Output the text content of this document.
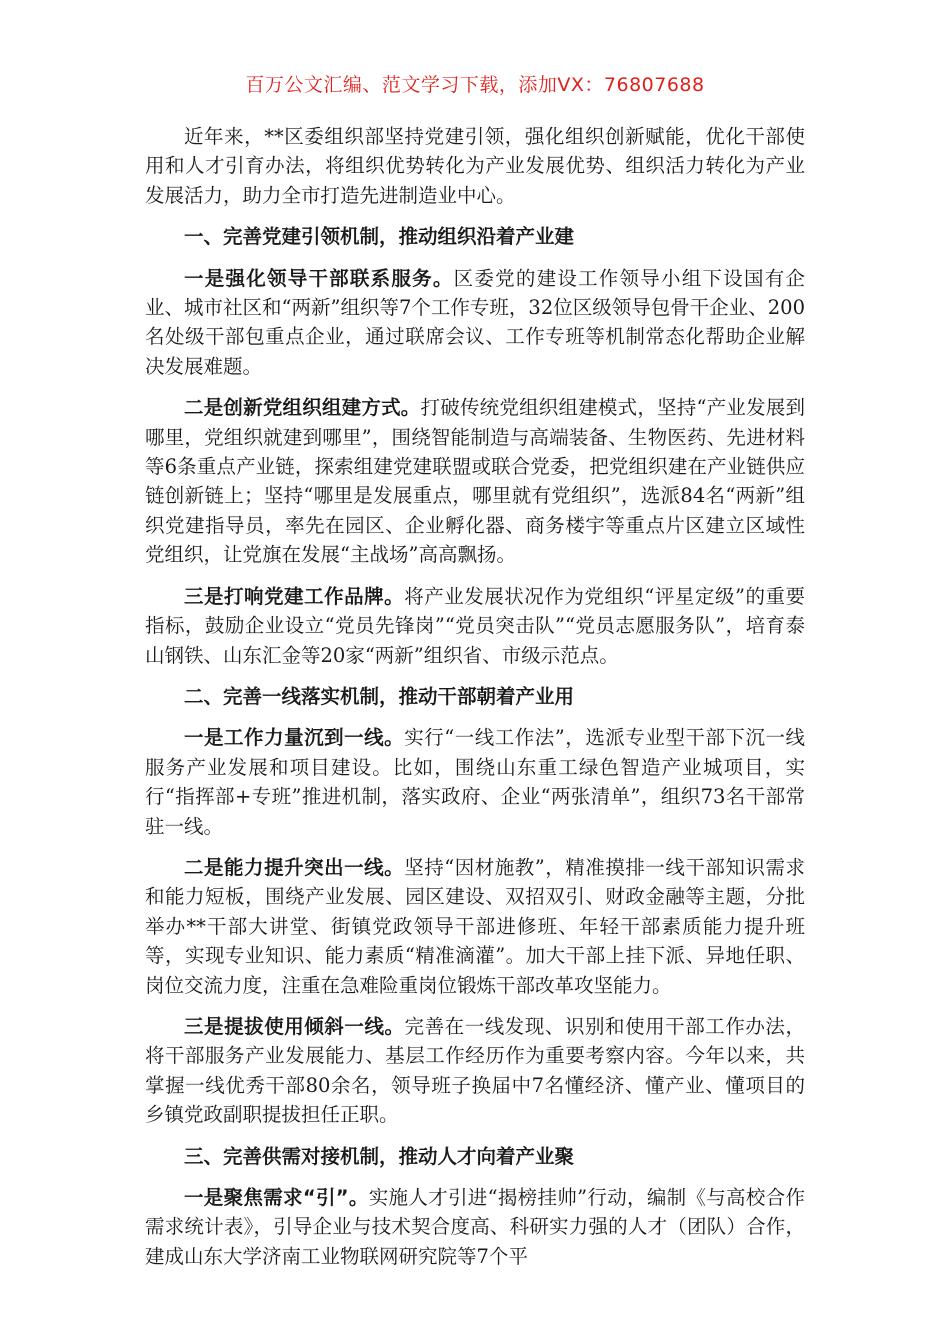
百万公文汇编、范文学习下载，添加VX：76807688

近年来，**区委组织部坚持党建引领，强化组织创新赋能，优化干部使用和人才引育办法，将组织优势转化为产业发展优势、组织活力转化为产业发展活力，助力全市打造先进制造业中心。

一、完善党建引领机制，推动组织沿着产业建

一是强化领导干部联系服务。区委党的建设工作领导小组下设国有企业、城市社区和“两新”组织等7个工作专班，32位区级领导包骨干企业、200名处级干部包重点企业，通过联席会议、工作专班等机制常态化帮助企业解决发展难题。

二是创新党组织组建方式。打破传统党组织组建模式，坚持“产业发展到哪里，党组织就建到哪里”，围绕智能制造与高端装备、生物医药、先进材料等6条重点产业链，探索组建党建联盟或联合党委，把党组织建在产业链供应链创新链上；坚持“哪里是发展重点，哪里就有党组织”，选派84名“两新”组织党建指导员，率先在园区、企业孵化器、商务楼宇等重点片区建立区域性党组织，让党旗在发展“主战场”高高飘扬。

三是打响党建工作品牌。将产业发展状况作为党组织“评星定级”的重要指标，鼓励企业设立“党员先锋岗”“党员突击队”“党员志愿服务队”，培育泰山钢铁、山东汇金等20家“两新”组织省、市级示范点。

二、完善一线落实机制，推动干部朝着产业用

一是工作力量沉到一线。实行“一线工作法”，选派专业型干部下沉一线服务产业发展和项目建设。比如，围绕山东重工绿色智造产业城项目，实行“指挥部+专班”推进机制，落实政府、企业“两张清单”，组织73名干部常驻一线。

二是能力提升突出一线。坚持“因材施教”，精准摸排一线干部知识需求和能力短板，围绕产业发展、园区建设、双招双引、财政金融等主题，分批举办**干部大讲堂、街镇党政领导干部进修班、年轻干部素质能力提升班等，实现专业知识、能力素质“精准滴灌”。加大干部上挂下派、异地任职、岗位交流力度，注重在急难险重岗位锻炼干部改革攻坚能力。

三是提拔使用倾斜一线。完善在一线发现、识别和使用干部工作办法，将干部服务产业发展能力、基层工作经历作为重要考察内容。今年以来，共掌握一线优秀干部80余名，领导班子换届中7名懂经济、懂产业、懂项目的乡镇党政副职提拔担任正职。

三、完善供需对接机制，推动人才向着产业聚

一是聚焦需求“引”。实施人才引进“揭榜挂帅”行动，编制《与高校合作需求统计表》，引导企业与技术契合度高、科研实力强的人才（团队）合作，建成山东大学济南工业物联网研究院等7个平
